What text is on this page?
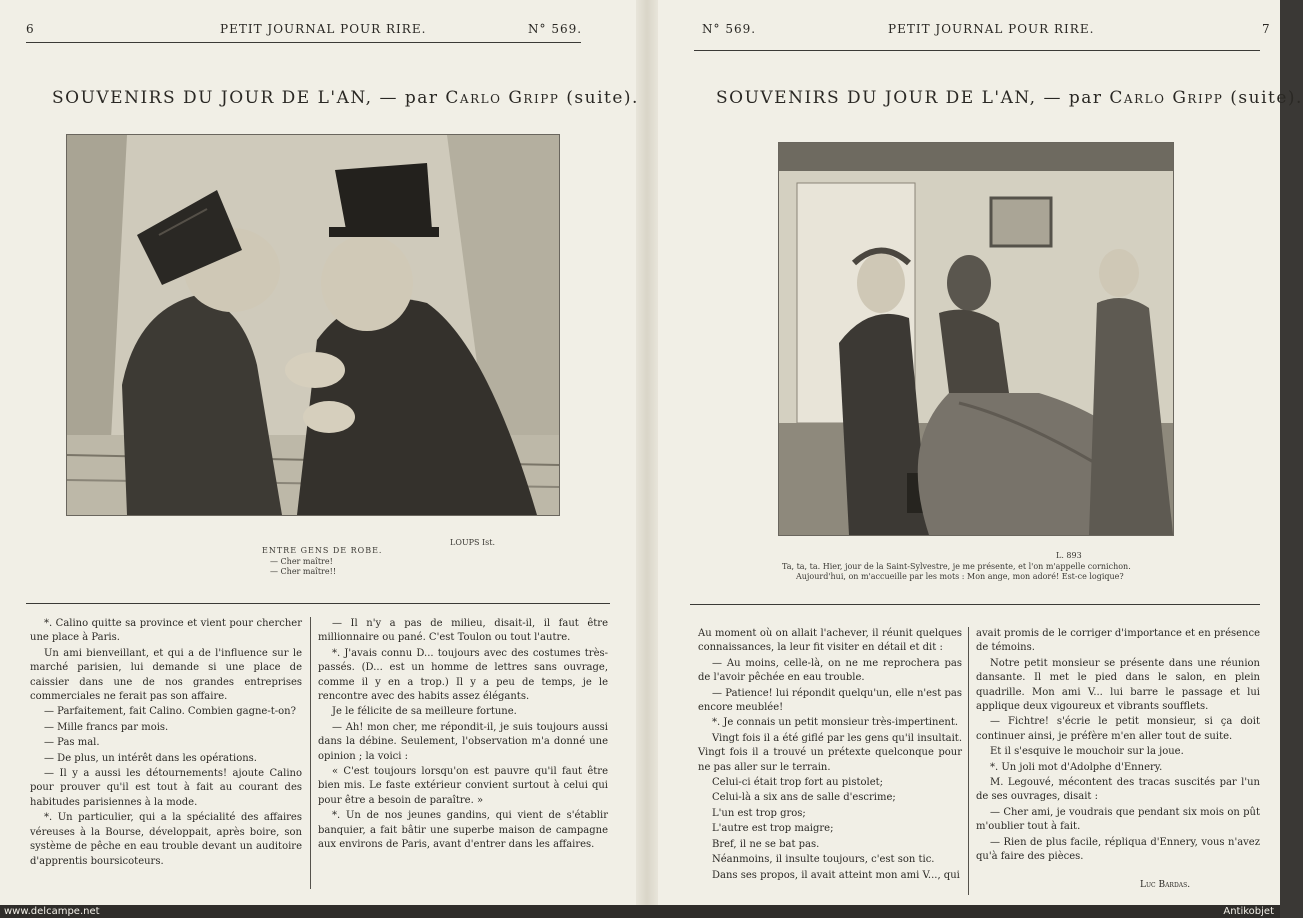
6	PETIT JOURNAL POUR RIRE.	N° 569.
SOUVENIRS DU JOUR DE L'AN, — par Carlo Gripp (suite).
LOUPS Ist.
ENTRE GENS DE ROBE.
— Cher maître!
— Cher maître!!

*. Calino quitte sa province et vient pour chercher une place à Paris.

Un ami bienveillant, et qui a de l'influence sur le marché parisien, lui demande si une place de caissier dans une de nos grandes entreprises commerciales ne ferait pas son affaire.

— Parfaitement, fait Calino. Combien gagne-t-on?

— Mille francs par mois.

— Pas mal.

— De plus, un intérêt dans les opérations.

— Il y a aussi les détournements! ajoute Calino pour prouver qu'il est tout à fait au courant des habitudes parisiennes à la mode.

*. Un particulier, qui a la spécialité des affaires véreuses à la Bourse, développait, après boire, son système de pêche en eau trouble devant un auditoire d'apprentis boursicoteurs.

— Il n'y a pas de milieu, disait-il, il faut être millionnaire ou pané. C'est Toulon ou tout l'autre.

*. J'avais connu D... toujours avec des costumes très-passés. (D... est un homme de lettres sans ouvrage, comme il y en a trop.) Il y a peu de temps, je le rencontre avec des habits assez élégants.

Je le félicite de sa meilleure fortune.

— Ah! mon cher, me répondit-il, je suis toujours aussi dans la débine. Seulement, l'observation m'a donné une opinion ; la voici :

« C'est toujours lorsqu'on est pauvre qu'il faut être bien mis. Le faste extérieur convient surtout à celui qui pour être a besoin de paraître. »

*. Un de nos jeunes gandins, qui vient de s'établir banquier, a fait bâtir une superbe maison de campagne aux environs de Paris, avant d'entrer dans les affaires.

N° 569.	PETIT JOURNAL POUR RIRE.	7
SOUVENIRS DU JOUR DE L'AN, — par Carlo Gripp (suite).
L. 893
Ta, ta, ta. Hier, jour de la Saint-Sylvestre, je me présente, et l'on m'appelle cornichon.
Aujourd'hui, on m'accueille par les mots : Mon ange, mon adoré! Est-ce logique?

Au moment où on allait l'achever, il réunit quelques connaissances, la leur fit visiter en détail et dit :

— Au moins, celle-là, on ne me reprochera pas de l'avoir pêchée en eau trouble.

— Patience! lui répondit quelqu'un, elle n'est pas encore meublée!

*. Je connais un petit monsieur très-impertinent.

Vingt fois il a été giflé par les gens qu'il insultait. Vingt fois il a trouvé un prétexte quelconque pour ne pas aller sur le terrain.

Celui-ci était trop fort au pistolet;

Celui-là a six ans de salle d'escrime;

L'un est trop gros;

L'autre est trop maigre;

Bref, il ne se bat pas.

Néanmoins, il insulte toujours, c'est son tic.

Dans ses propos, il avait atteint mon ami V..., qui

avait promis de le corriger d'importance et en présence de témoins.

Notre petit monsieur se présente dans une réunion dansante. Il met le pied dans le salon, en plein quadrille. Mon ami V... lui barre le passage et lui applique deux vigoureux et vibrants soufflets.

— Fichtre! s'écrie le petit monsieur, si ça doit continuer ainsi, je préfère m'en aller tout de suite.

Et il s'esquive le mouchoir sur la joue.

*. Un joli mot d'Adolphe d'Ennery.

M. Legouvé, mécontent des tracas suscités par l'un de ses ouvrages, disait :

— Cher ami, je voudrais que pendant six mois on pût m'oublier tout à fait.

— Rien de plus facile, répliqua d'Ennery, vous n'avez qu'à faire des pièces.

Luc Bardas.
www.delcampe.net	Antikobjet
